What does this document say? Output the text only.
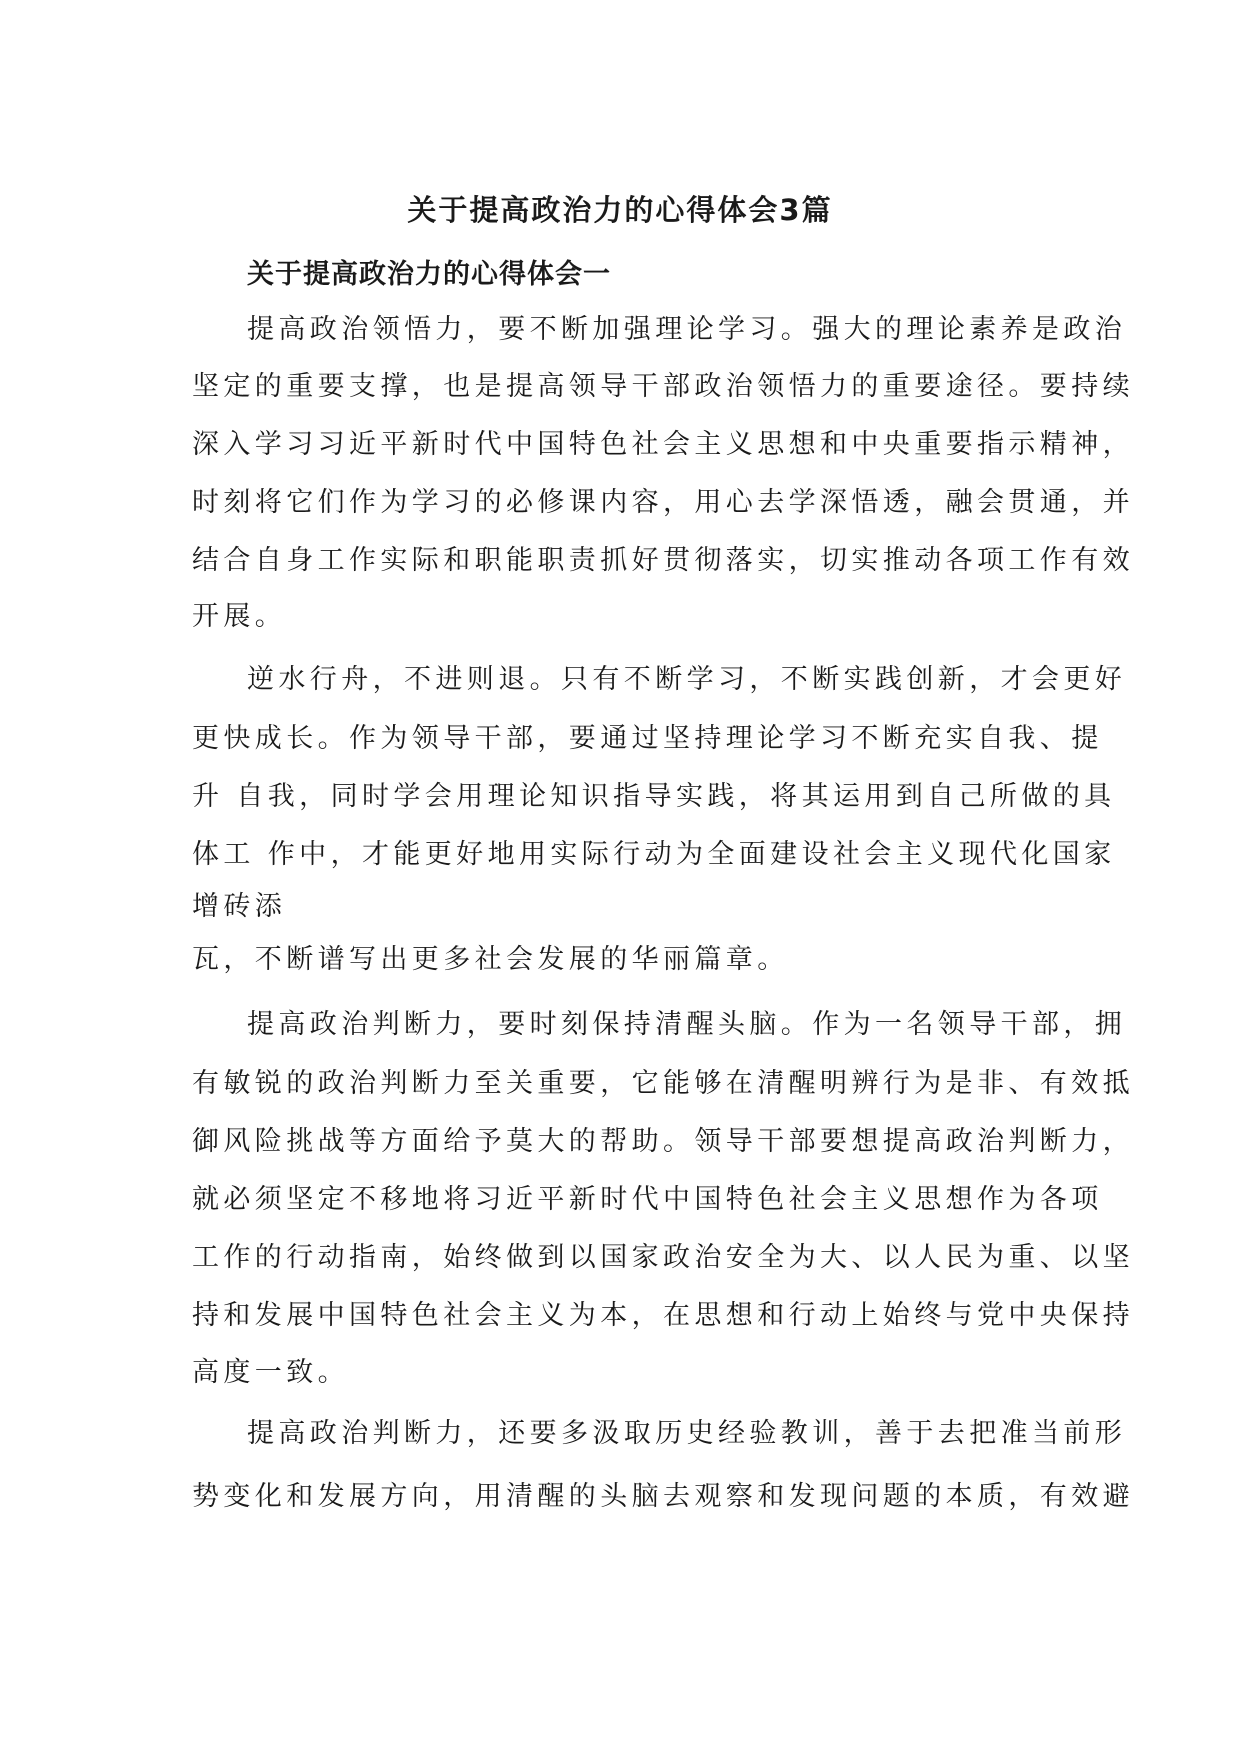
关于提高政治力的心得体会3篇
关于提高政治力的心得体会一
提高政治领悟力，要不断加强理论学习。强大的理论素养是政治
坚定的重要支撑，也是提高领导干部政治领悟力的重要途径。要持续
深入学习习近平新时代中国特色社会主义思想和中央重要指示精神，
时刻将它们作为学习的必修课内容，用心去学深悟透，融会贯通，并
结合自身工作实际和职能职责抓好贯彻落实，切实推动各项工作有效
开展。
逆水行舟，不进则退。只有不断学习，不断实践创新，才会更好
更快成长。作为领导干部，要通过坚持理论学习不断充实自我、提
升 自我，同时学会用理论知识指导实践，将其运用到自己所做的具
体工 作中，才能更好地用实际行动为全面建设社会主义现代化国家
增砖添
瓦，不断谱写出更多社会发展的华丽篇章。
提高政治判断力，要时刻保持清醒头脑。作为一名领导干部，拥
有敏锐的政治判断力至关重要，它能够在清醒明辨行为是非、有效抵
御风险挑战等方面给予莫大的帮助。领导干部要想提高政治判断力，
就必须坚定不移地将习近平新时代中国特色社会主义思想作为各项
工作的行动指南，始终做到以国家政治安全为大、以人民为重、以坚
持和发展中国特色社会主义为本，在思想和行动上始终与党中央保持
高度一致。
提高政治判断力，还要多汲取历史经验教训，善于去把准当前形
势变化和发展方向，用清醒的头脑去观察和发现问题的本质，有效避
